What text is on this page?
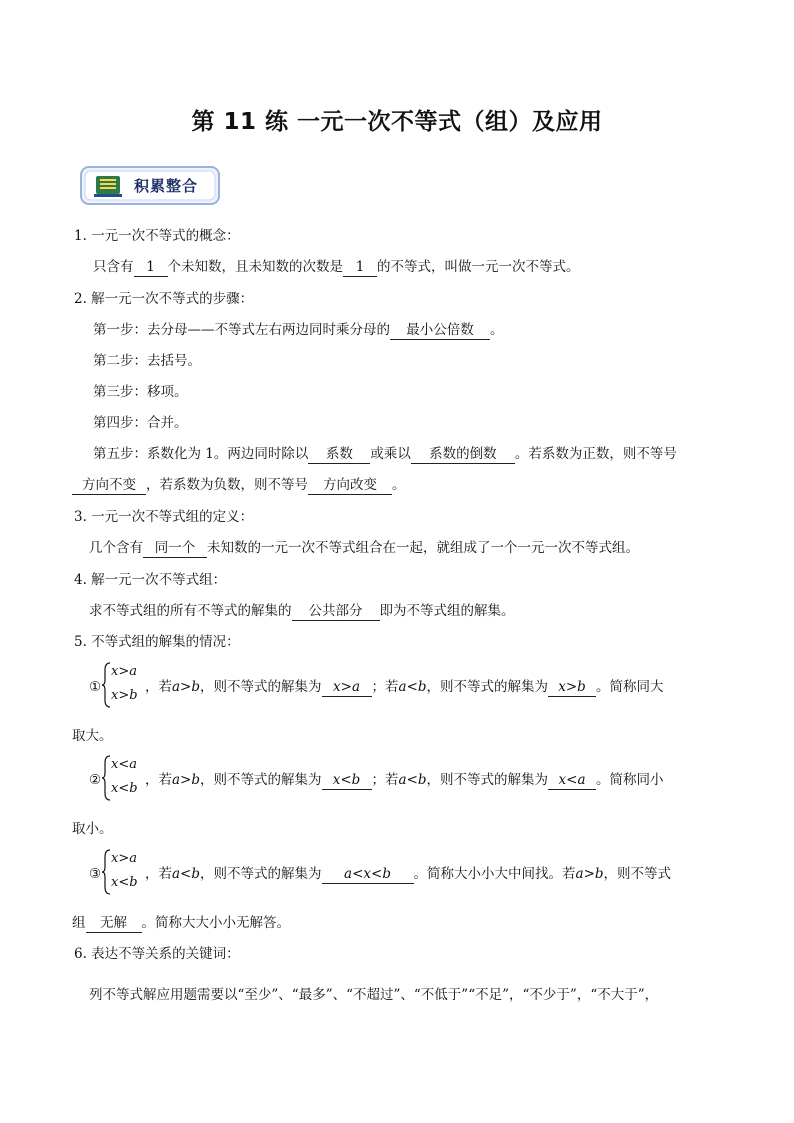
第 11 练 一元一次不等式（组）及应用
积累整合
1. 一元一次不等式的概念：
只含有 1 个未知数，且未知数的次数是 1 的不等式，叫做一元一次不等式。
2. 解一元一次不等式的步骤：
第一步：去分母——不等式左右两边同时乘分母的 最小公倍数 。
第二步：去括号。
第三步：移项。
第四步：合并。
第五步：系数化为 1。两边同时除以 系数 或乘以 系数的倒数 。若系数为正数，则不等号
方向不变 ，若系数为负数，则不等号 方向改变 。
3. 一元一次不等式组的定义：
几个含有 同一个 未知数的一元一次不等式组合在一起，就组成了一个一元一次不等式组。
4. 解一元一次不等式组：
求不等式组的所有不等式的解集的 公共部分 即为不等式组的解集。
5. 不等式组的解集的情况：
①
x>a
x>b
，若a>b，则不等式的解集为 x>a ；若a<b，则不等式的解集为 x>b 。简称同大
取大。
②
x<a
x<b
，若a>b，则不等式的解集为 x<b ；若a<b，则不等式的解集为 x<a 。简称同小
取小。
③
x>a
x<b
，若a<b，则不等式的解集为 a<x<b 。简称大小小大中间找。若a>b，则不等式
组 无解 。简称大大小小无解答。
6. 表达不等关系的关键词：
列不等式解应用题需要以“至少”、“最多”、“不超过”、“不低于”“不足”，“不少于”，“不大于”，
